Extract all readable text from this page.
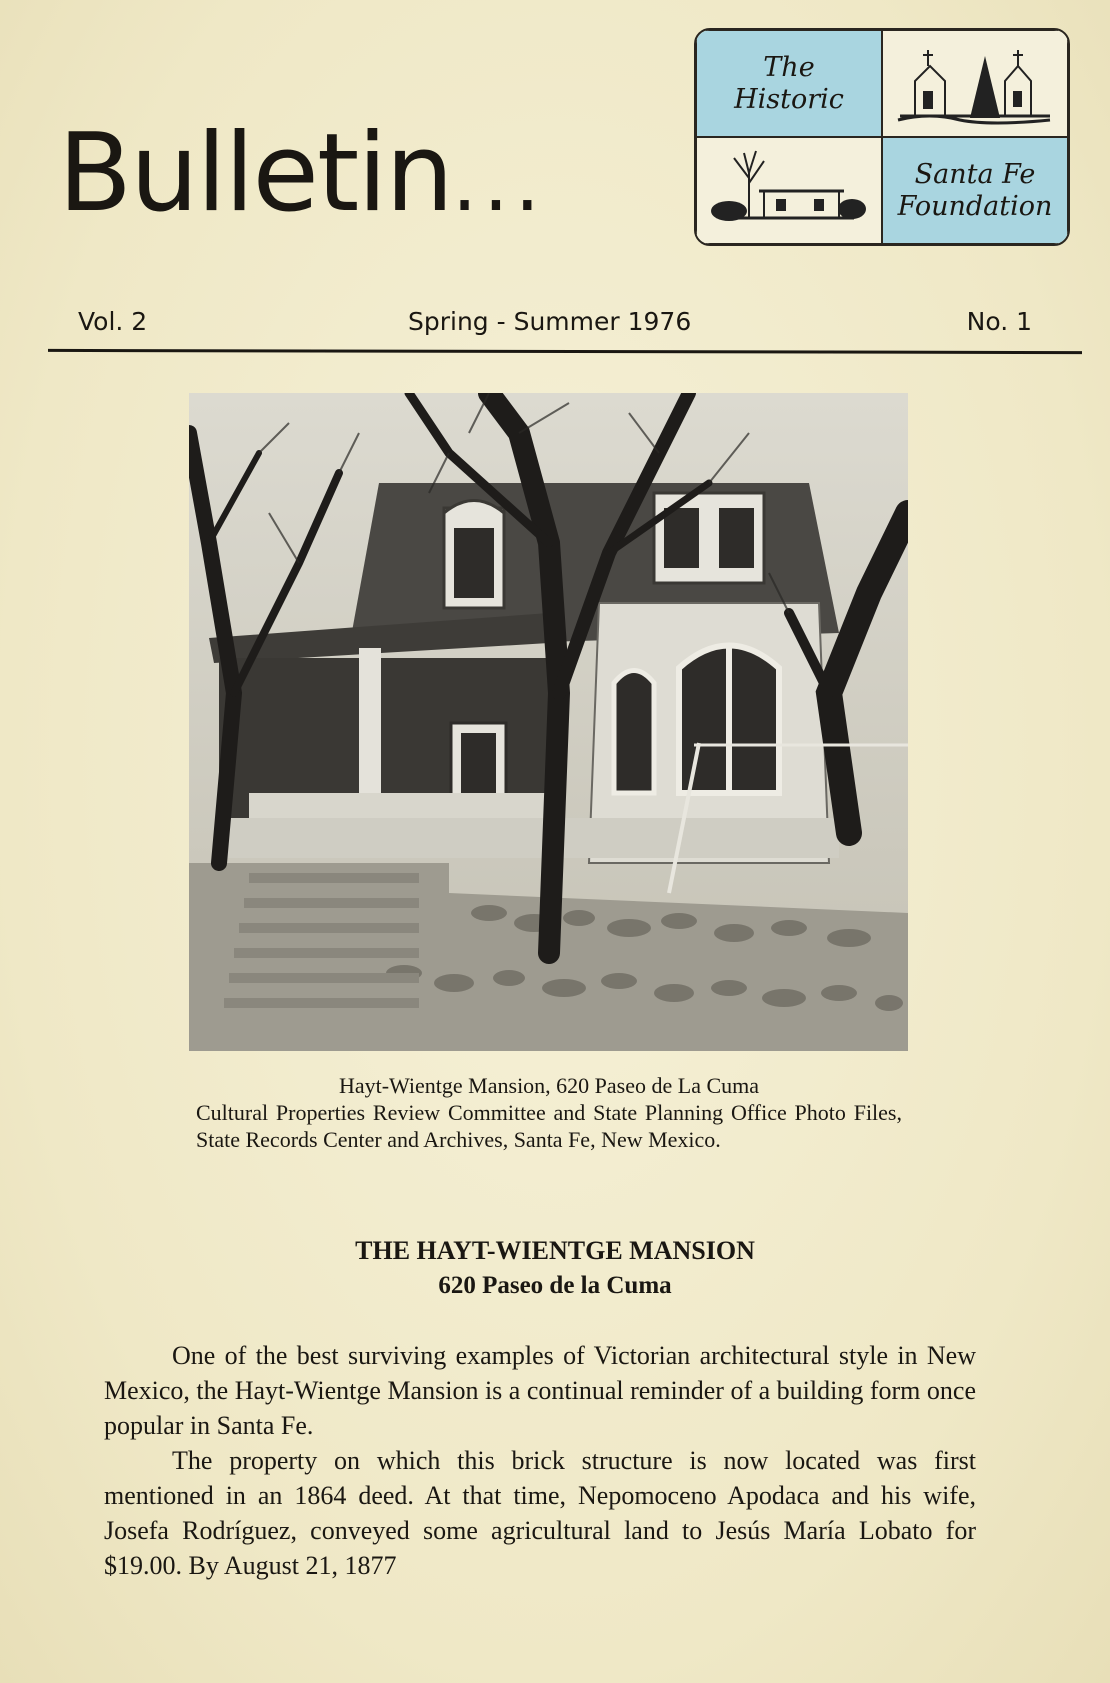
Bulletin...
The
Historic
Santa Fe
Foundation
Vol. 2	Spring - Summer 1976	No. 1
Hayt-Wientge Mansion, 620 Paseo de La Cuma
Cultural Properties Review Committee and State Planning Office Photo Files, State Records Center and Archives, Santa Fe, New Mexico.
THE HAYT-WIENTGE MANSION
620 Paseo de la Cuma

One of the best surviving examples of Victorian architectural style in New Mexico, the Hayt-Wientge Mansion is a continual reminder of a building form once popular in Santa Fe.

The property on which this brick structure is now located was first mentioned in an 1864 deed. At that time, Nepomoceno Apodaca and his wife, Josefa Rodríguez, conveyed some agricultural land to Jesús María Lobato for $19.00. By August 21, 1877
